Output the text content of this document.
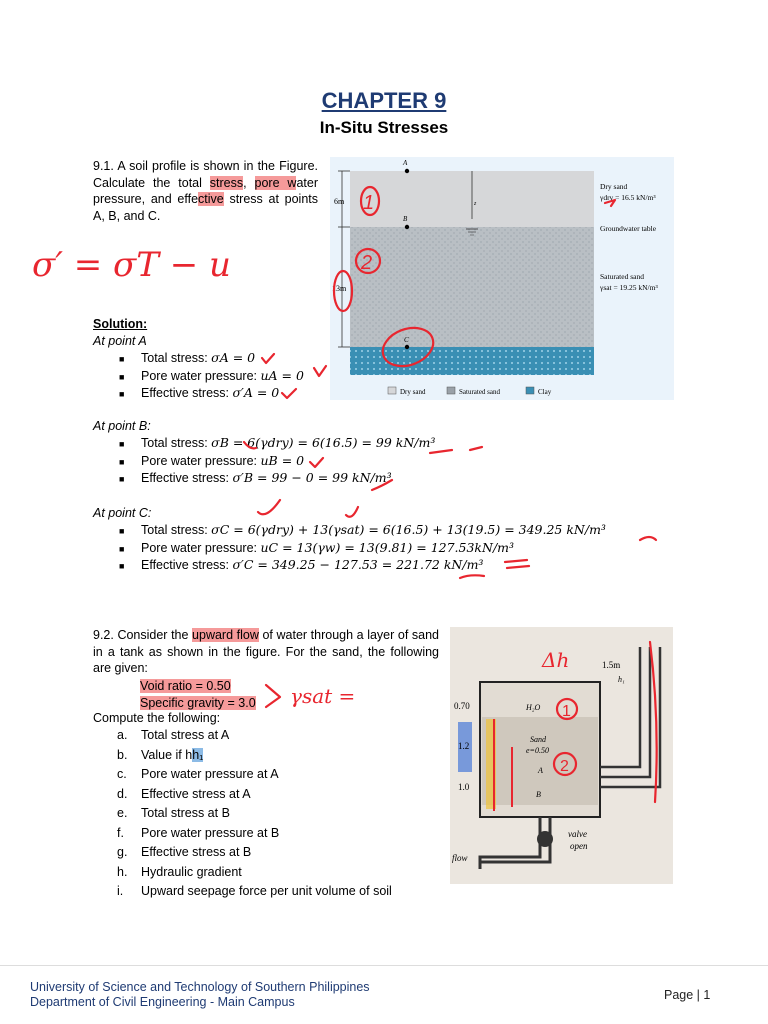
CHAPTER 9
In-Situ Stresses
9.1. A soil profile is shown in the Figure. Calculate the total stress, pore water pressure, and effective stress at points A, B, and C.
σ′ = σT − u
6m
13m
A
B
C
z
Dry sand
γdry = 16.5 kN/m³
Groundwater table
Saturated sand
γsat = 19.25 kN/m³
Dry sand	Saturated sand	Clay
1
2
Solution:
At point A
■ Total stress: σA = 0
■ Pore water pressure: uA = 0
■ Effective stress: σ′A = 0
At point B:
■ Total stress: σB = 6(γdry) = 6(16.5) = 99 kN/m³
■ Pore water pressure: uB = 0
■ Effective stress: σ′B = 99 − 0 = 99 kN/m³
At point C:
■ Total stress: σC = 6(γdry) + 13(γsat) = 6(16.5) + 13(19.5) = 349.25 kN/m³
■ Pore water pressure: uC = 13(γw) = 13(9.81) = 127.53kN/m³
■ Effective stress: σ′C = 349.25 − 127.53 = 221.72 kN/m³
9.2. Consider the upward flow of water through a layer of sand in a tank as shown in the figure. For the sand, the following are given:
Void ratio = 0.50
Specific gravity = 3.0 γsat =
Compute the following:
a. Total stress at A
b. Value if hh₁
c. Pore water pressure at A
d. Effective stress at A
e. Total stress at B
f. Pore water pressure at B
g. Effective stress at B
h. Hydraulic gradient
i. Upward seepage force per unit volume of soil
1.5m
0.70
1.2
1.0
h₁
H₂O
Sand
e=0.50
A
B
valve
open
flow
Δh
1
2
University of Science and Technology of Southern Philippines
Department of Civil Engineering - Main Campus	Page | 1
